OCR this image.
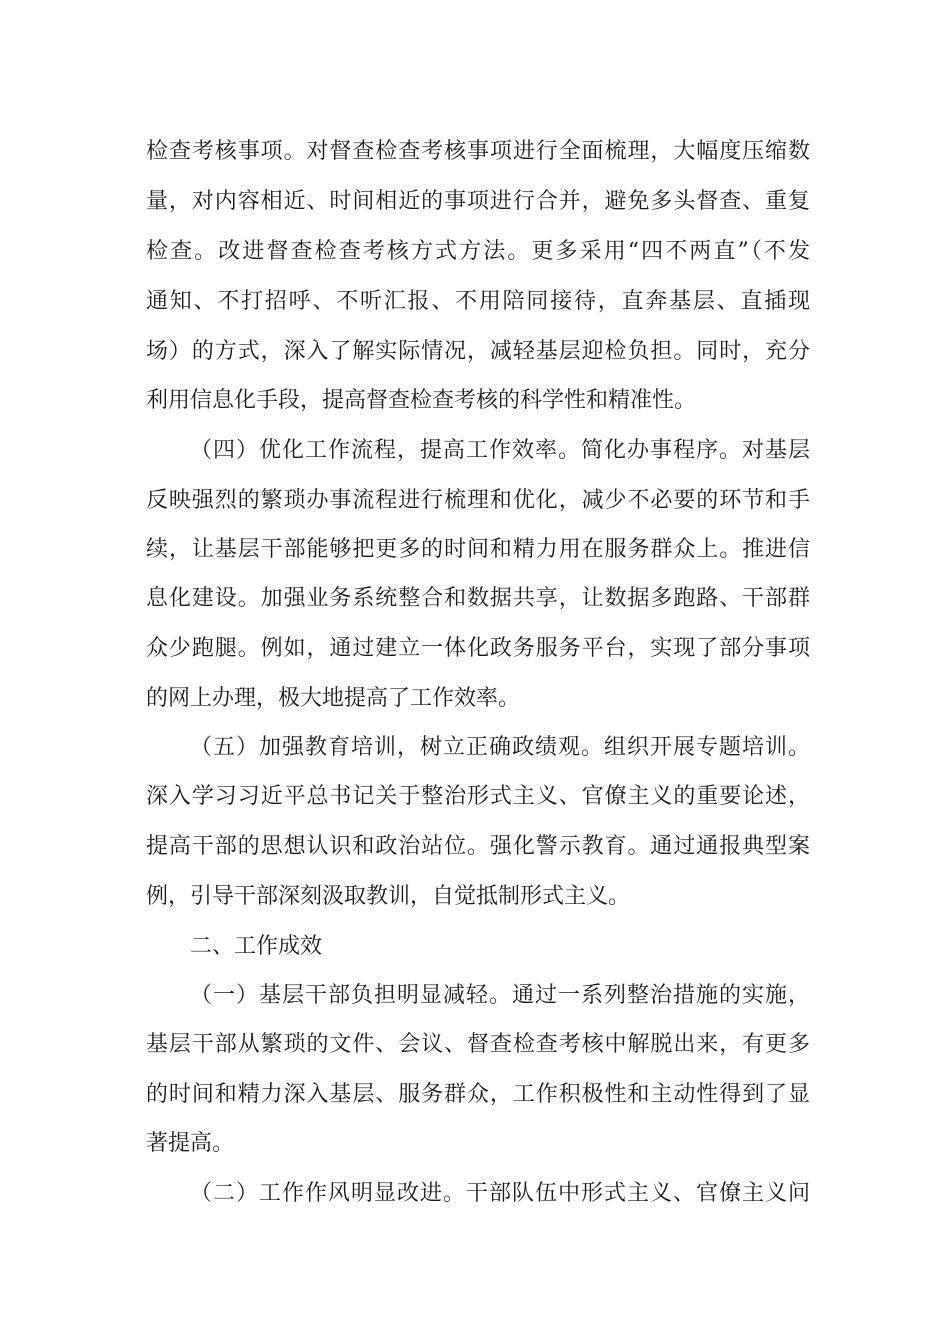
检查考核事项。对督查检查考核事项进行全面梳理，大幅度压缩数
量，对内容相近、时间相近的事项进行合并，避免多头督查、重复
检查。改进督查检查考核方式方法。更多采用“四不两直”（不发
通知、不打招呼、不听汇报、不用陪同接待，直奔基层、直插现
场）的方式，深入了解实际情况，减轻基层迎检负担。同时，充分
利用信息化手段，提高督查检查考核的科学性和精准性。
（四）优化工作流程，提高工作效率。简化办事程序。对基层
反映强烈的繁琐办事流程进行梳理和优化，减少不必要的环节和手
续，让基层干部能够把更多的时间和精力用在服务群众上。推进信
息化建设。加强业务系统整合和数据共享，让数据多跑路、干部群
众少跑腿。例如，通过建立一体化政务服务平台，实现了部分事项
的网上办理，极大地提高了工作效率。
（五）加强教育培训，树立正确政绩观。组织开展专题培训。
深入学习习近平总书记关于整治形式主义、官僚主义的重要论述，
提高干部的思想认识和政治站位。强化警示教育。通过通报典型案
例，引导干部深刻汲取教训，自觉抵制形式主义。
二、工作成效
（一）基层干部负担明显减轻。通过一系列整治措施的实施，
基层干部从繁琐的文件、会议、督查检查考核中解脱出来，有更多
的时间和精力深入基层、服务群众，工作积极性和主动性得到了显
著提高。
（二）工作作风明显改进。干部队伍中形式主义、官僚主义问
